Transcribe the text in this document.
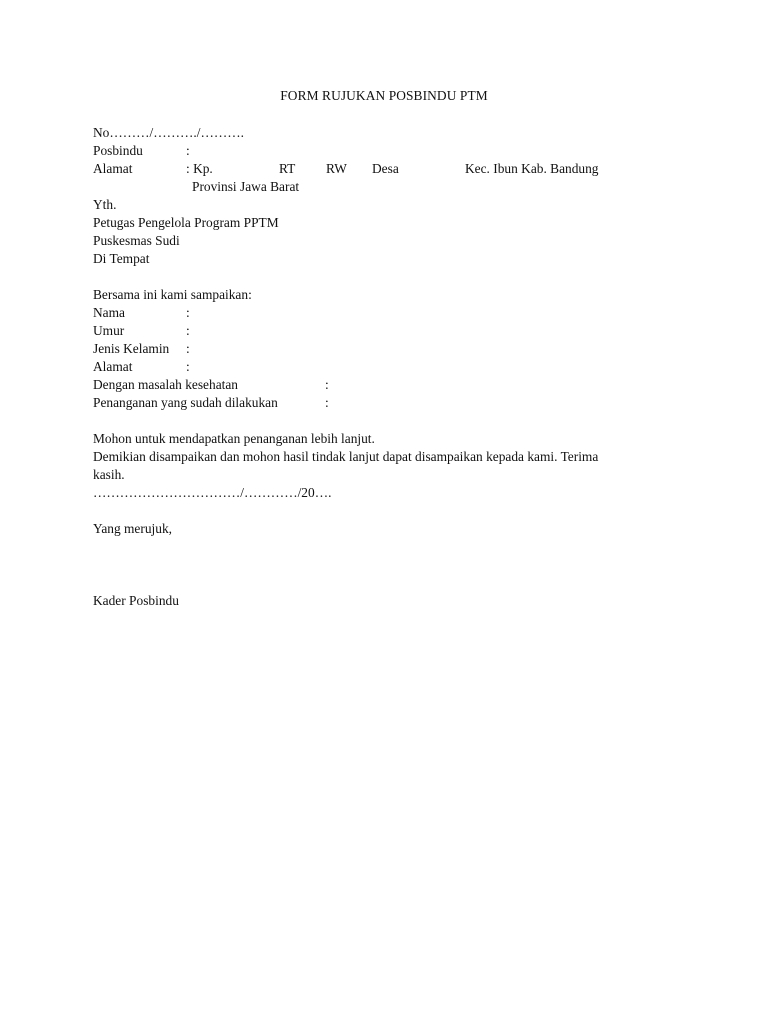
FORM RUJUKAN POSBINDU PTM
No………/………./……….
Posbindu	:
Alamat	: Kp.	RT RW Desa	Kec. Ibun Kab. Bandung
Provinsi Jawa Barat
Yth.
Petugas Pengelola Program PPTM
Puskesmas Sudi
Di Tempat
Bersama ini kami sampaikan:
Nama	:
Umur	:
Jenis Kelamin :
Alamat	:
Dengan masalah kesehatan	:
Penanganan yang sudah dilakukan	:
Mohon untuk mendapatkan penanganan lebih lanjut.
Demikian disampaikan dan mohon hasil tindak lanjut dapat disampaikan kepada kami. Terima
kasih.
……………………………/…………/20….
Yang merujuk,
Kader Posbindu
